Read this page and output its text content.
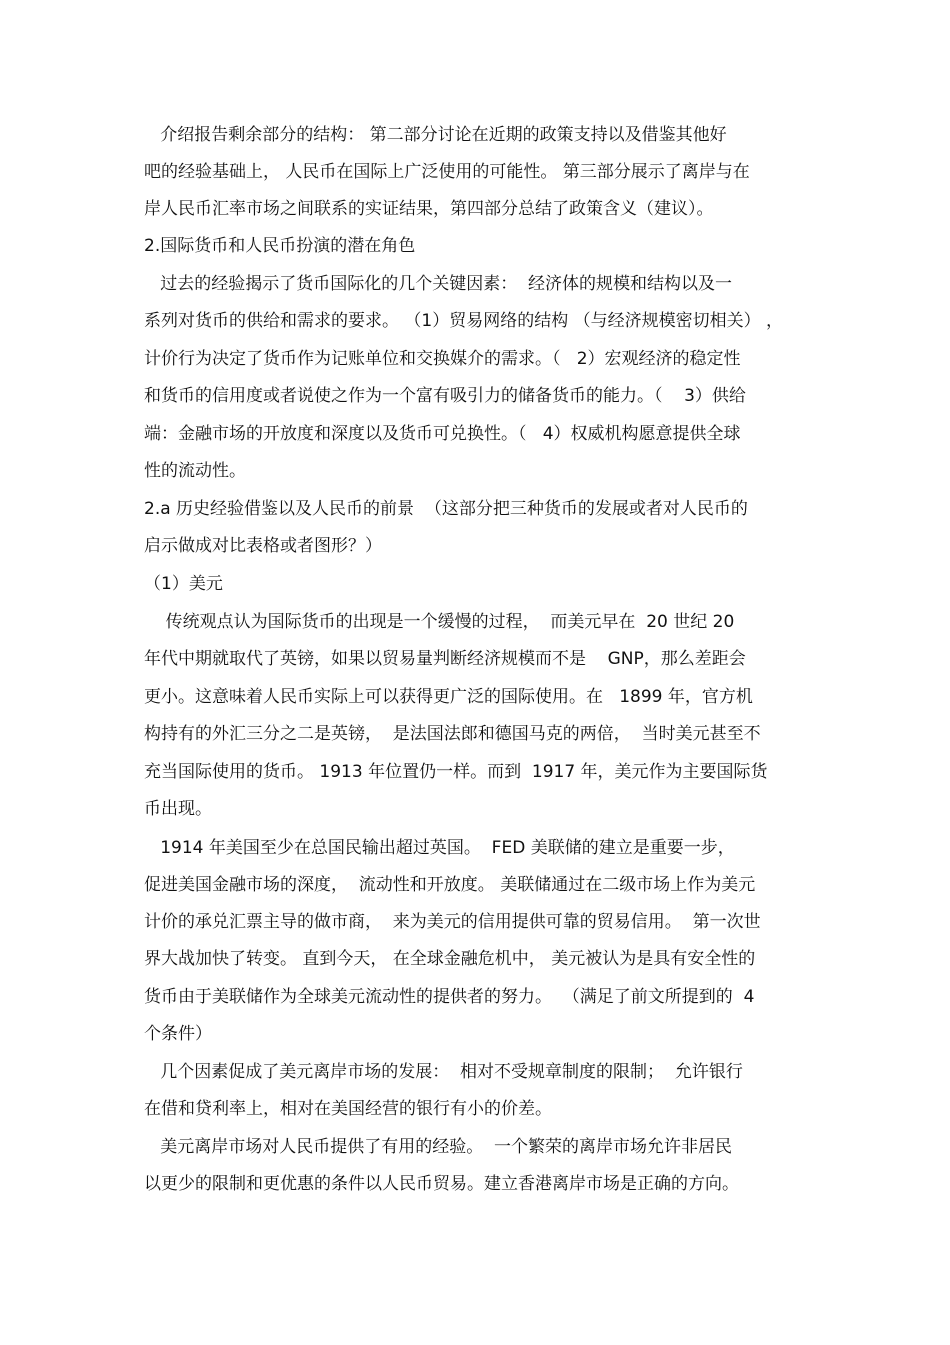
介绍报告剩余部分的结构： 第二部分讨论在近期的政策支持以及借鉴其他好
吧的经验基础上， 人民币在国际上广泛使用的可能性。 第三部分展示了离岸与在
岸人民币汇率市场之间联系的实证结果，第四部分总结了政策含义（建议）。
2.国际货币和人民币扮演的潜在角色
过去的经验揭示了货币国际化的几个关键因素：  经济体的规模和结构以及一
系列对货币的供给和需求的要求。 （1）贸易网络的结构 （与经济规模密切相关） ，
计价行为决定了货币作为记账单位和交换媒介的需求。（   2）宏观经济的稳定性
和货币的信用度或者说使之作为一个富有吸引力的储备货币的能力。（    3）供给
端：金融市场的开放度和深度以及货币可兑换性。（   4）权威机构愿意提供全球
性的流动性。
2.a 历史经验借鉴以及人民币的前景  （这部分把三种货币的发展或者对人民币的
启示做成对比表格或者图形？）
（1）美元
传统观点认为国际货币的出现是一个缓慢的过程，  而美元早在  20 世纪 20
年代中期就取代了英镑，如果以贸易量判断经济规模而不是    GNP，那么差距会
更小。这意味着人民币实际上可以获得更广泛的国际使用。在   1899 年，官方机
构持有的外汇三分之二是英镑，  是法国法郎和德国马克的两倍，  当时美元甚至不
充当国际使用的货币。 1913 年位置仍一样。而到  1917 年，美元作为主要国际货
币出现。
1914 年美国至少在总国民输出超过英国。  FED 美联储的建立是重要一步，
促进美国金融市场的深度，  流动性和开放度。 美联储通过在二级市场上作为美元
计价的承兑汇票主导的做市商，  来为美元的信用提供可靠的贸易信用。  第一次世
界大战加快了转变。 直到今天， 在全球金融危机中， 美元被认为是具有安全性的
货币由于美联储作为全球美元流动性的提供者的努力。  （满足了前文所提到的  4
个条件）
几个因素促成了美元离岸市场的发展：  相对不受规章制度的限制；  允许银行
在借和贷利率上，相对在美国经营的银行有小的价差。
美元离岸市场对人民币提供了有用的经验。  一个繁荣的离岸市场允许非居民
以更少的限制和更优惠的条件以人民币贸易。建立香港离岸市场是正确的方向。
